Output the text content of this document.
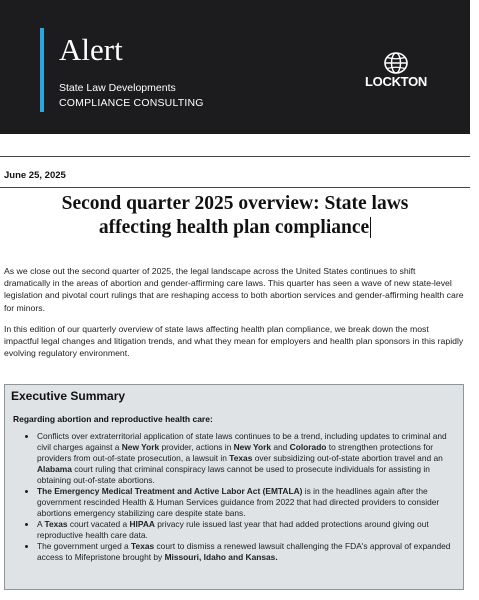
Alert
State Law Developments
COMPLIANCE CONSULTING
LOCKTON
June 25, 2025
Second quarter 2025 overview: State laws
affecting health plan compliance
As we close out the second quarter of 2025, the legal landscape across the United States continues to shift dramatically in the areas of abortion and gender-affirming care laws. This quarter has seen a wave of new state-level legislation and pivotal court rulings that are reshaping access to both abortion services and gender-affirming health care for minors.
In this edition of our quarterly overview of state laws affecting health plan compliance, we break down the most impactful legal changes and litigation trends, and what they mean for employers and health plan sponsors in this rapidly evolving regulatory environment.
Executive Summary
Regarding abortion and reproductive health care:
• Conflicts over extraterritorial application of state laws continues to be a trend, including updates to criminal and civil charges against a New York provider, actions in New York and Colorado to strengthen protections for providers from out-of-state prosecution, a lawsuit in Texas over subsidizing out-of-state abortion travel and an Alabama court ruling that criminal conspiracy laws cannot be used to prosecute individuals for assisting in obtaining out-of-state abortions.
• The Emergency Medical Treatment and Active Labor Act (EMTALA) is in the headlines again after the government rescinded Health & Human Services guidance from 2022 that had directed providers to consider abortions emergency stabilizing care despite state bans.
• A Texas court vacated a HIPAA privacy rule issued last year that had added protections around giving out reproductive health care data.
• The government urged a Texas court to dismiss a renewed lawsuit challenging the FDA's approval of expanded access to Mifepristone brought by Missouri, Idaho and Kansas.
